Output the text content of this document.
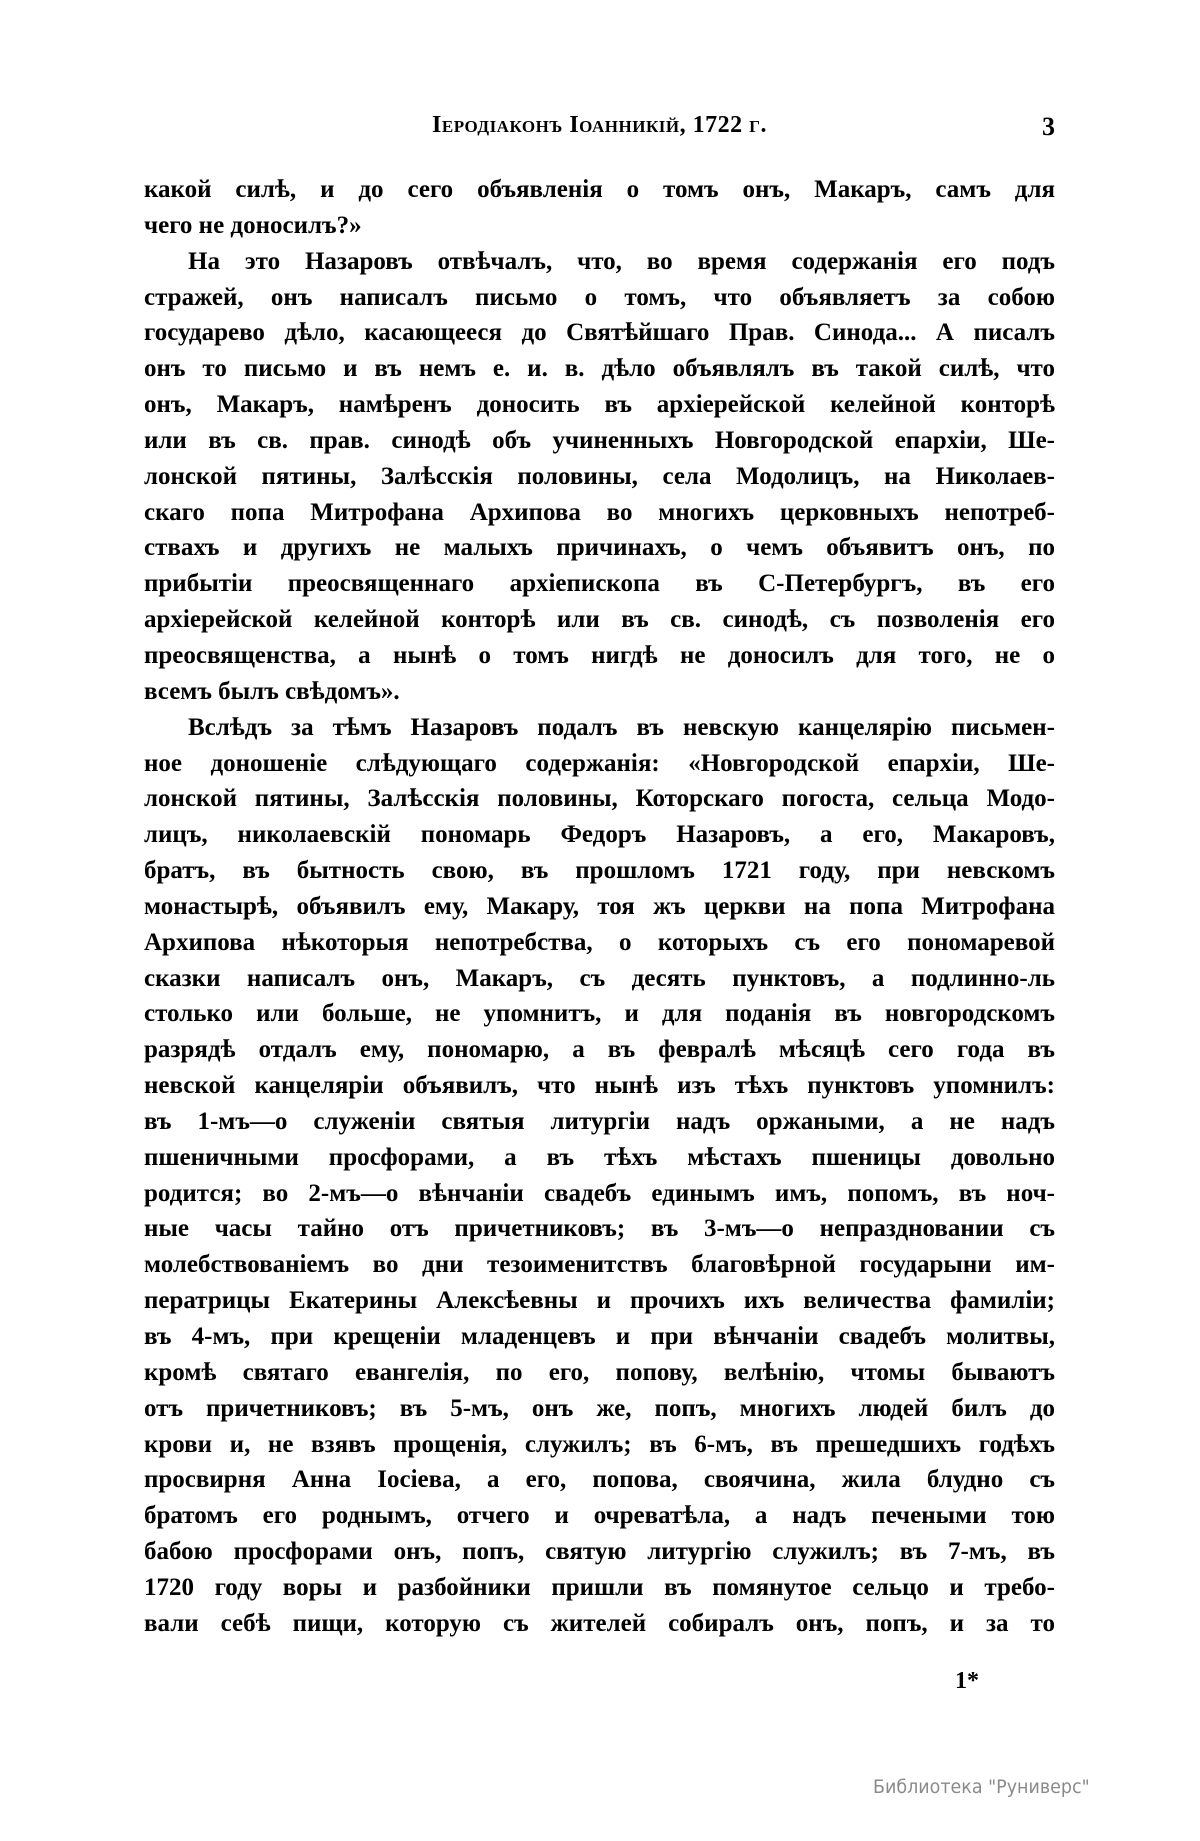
Іеродіаконъ Іоанникій, 1722 г.	3
какой силѣ, и до сего объявленія о томъ онъ, Макаръ, самъ для
чего не доносилъ?»
На это Назаровъ отвѣчалъ, что, во время содержанія его подъ
стражей, онъ написалъ письмо о томъ, что объявляетъ за собою
государево дѣло, касающееся до Святѣйшаго Прав. Синода... А писалъ
онъ то письмо и въ немъ е. и. в. дѣло объявлялъ въ такой силѣ, что
онъ, Макаръ, намѣренъ доносить въ архіерейской келейной конторѣ
или въ св. прав. синодѣ объ учиненныхъ Новгородской епархіи, Ше-
лонской пятины, Залѣсскія половины, села Модолицъ, на Николаев-
скаго попа Митрофана Архипова во многихъ церковныхъ непотреб-
ствахъ и другихъ не малыхъ причинахъ, о чемъ объявитъ онъ, по
прибытіи преосвященнаго архіепископа въ С-Петербургъ, въ его
архіерейской келейной конторѣ или въ св. синодѣ, съ позволенія его
преосвященства, а нынѣ о томъ нигдѣ не доносилъ для того, не о
всемъ былъ свѣдомъ».
Вслѣдъ за тѣмъ Назаровъ подалъ въ невскую канцелярію письмен-
ное доношеніе слѣдующаго содержанія: «Новгородской епархіи, Ше-
лонской пятины, Залѣсскія половины, Которскаго погоста, сельца Модо-
лицъ, николаевскій пономарь Федоръ Назаровъ, а его, Макаровъ,
братъ, въ бытность свою, въ прошломъ 1721 году, при невскомъ
монастырѣ, объявилъ ему, Макару, тоя жъ церкви на попа Митрофана
Архипова нѣкоторыя непотребства, о которыхъ съ его пономаревой
сказки написалъ онъ, Макаръ, съ десять пунктовъ, а подлинно-ль
столько или больше, не упомнитъ, и для поданія въ новгородскомъ
разрядѣ отдалъ ему, пономарю, а въ февралѣ мѣсяцѣ сего года въ
невской канцеляріи объявилъ, что нынѣ изъ тѣхъ пунктовъ упомнилъ:
въ 1-мъ—о служеніи святыя литургіи надъ оржаными, а не надъ
пшеничными просфорами, а въ тѣхъ мѣстахъ пшеницы довольно
родится; во 2-мъ—о вѣнчаніи свадебъ единымъ имъ, попомъ, въ ноч-
ные часы тайно отъ причетниковъ; въ 3-мъ—о непраздновании съ
молебствованіемъ во дни тезоименитствъ благовѣрной государыни им-
ператрицы Екатерины Алексѣевны и прочихъ ихъ величества фамиліи;
въ 4-мъ, при крещеніи младенцевъ и при вѣнчаніи свадебъ молитвы,
кромѣ святаго евангелія, по его, попову, велѣнію, чтомы бываютъ
отъ причетниковъ; въ 5-мъ, онъ же, попъ, многихъ людей билъ до
крови и, не взявъ прощенія, служилъ; въ 6-мъ, въ прешедшихъ годѣхъ
просвирня Анна Іосіева, а его, попова, своячина, жила блудно съ
братомъ его роднымъ, отчего и очреватѣла, а надъ печеными тою
бабою просфорами онъ, попъ, святую литургію служилъ; въ 7-мъ, въ
1720 году воры и разбойники пришли въ помянутое сельцо и требо-
вали себѣ пищи, которую съ жителей собиралъ онъ, попъ, и за то
1*
Библиотека "Руниверс"
